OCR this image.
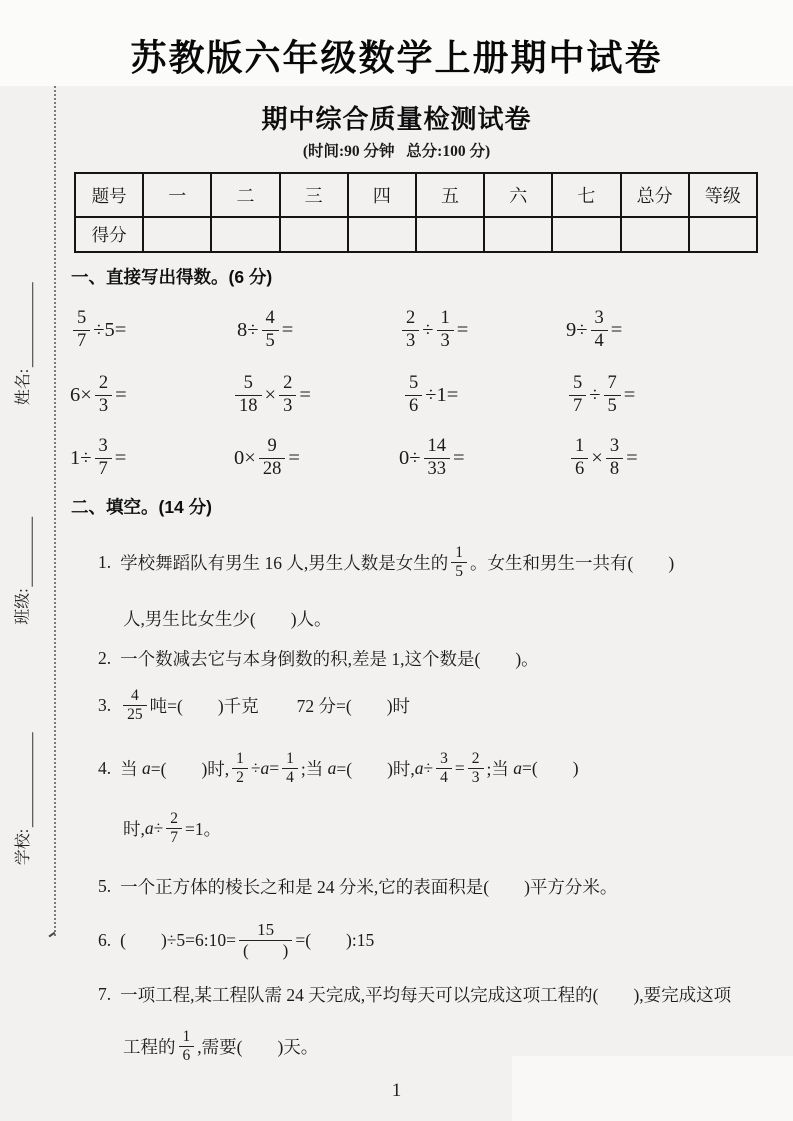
姓名:
班级:
学校:
苏教版六年级数学上册期中试卷
期中综合质量检测试卷
(时间:90 分钟   总分:100 分)
题号	一	二	三	四	五	六	七	总分	等级
得分									
一、直接写出得数。(6 分)
$\frac{5}{7} \div 5=$	$8\div \frac{4}{5}$ =	$\frac{2}{3} \div \frac{1}{3}$ =	$9\div \frac{3}{4}$ =
$6\times \frac{2}{3}$ =	$\frac{5}{18} \times \frac{2}{3}$ =	$\frac{5}{6} \div 1=$	$\frac{5}{7} \div \frac{7}{5}$ =
$1\div \frac{3}{7}$ =	$0\times \frac{9}{28}$ =	$0\div \frac{14}{33}$ =	$\frac{1}{6} \times \frac{3}{8}$ =
二、填空。(14 分)
1. 学校舞蹈队有男生 16 人,男生人数是女生的 $\frac{1}{5}$ 。女生和男生一共有(        )
人,男生比女生少(        )人。
2. 一个数减去它与本身倒数的积,差是 1,这个数是(        )。
3. $\frac{4}{25}$ 吨=(        )千克 72 分=(        )时
4. 当 a =(        )时, $\frac{1}{2} \div a = \frac{1}{4}$ ;当 a =(        )时, $a \div \frac{3}{4} = \frac{2}{3}$ ;当 a =(        )
时, $a \div \frac{2}{7} =1$。
5. 一个正方体的棱长之和是 24 分米,它的表面积是(        )平方分米。
6. (        )÷5=6:10= $\frac{15}{( )}$ =(        ):15
7. 一项工程,某工程队需 24 天完成,平均每天可以完成这项工程的(        ),要完成这项
工程的 $\frac{1}{6}$ ,需要(        )天。
1
